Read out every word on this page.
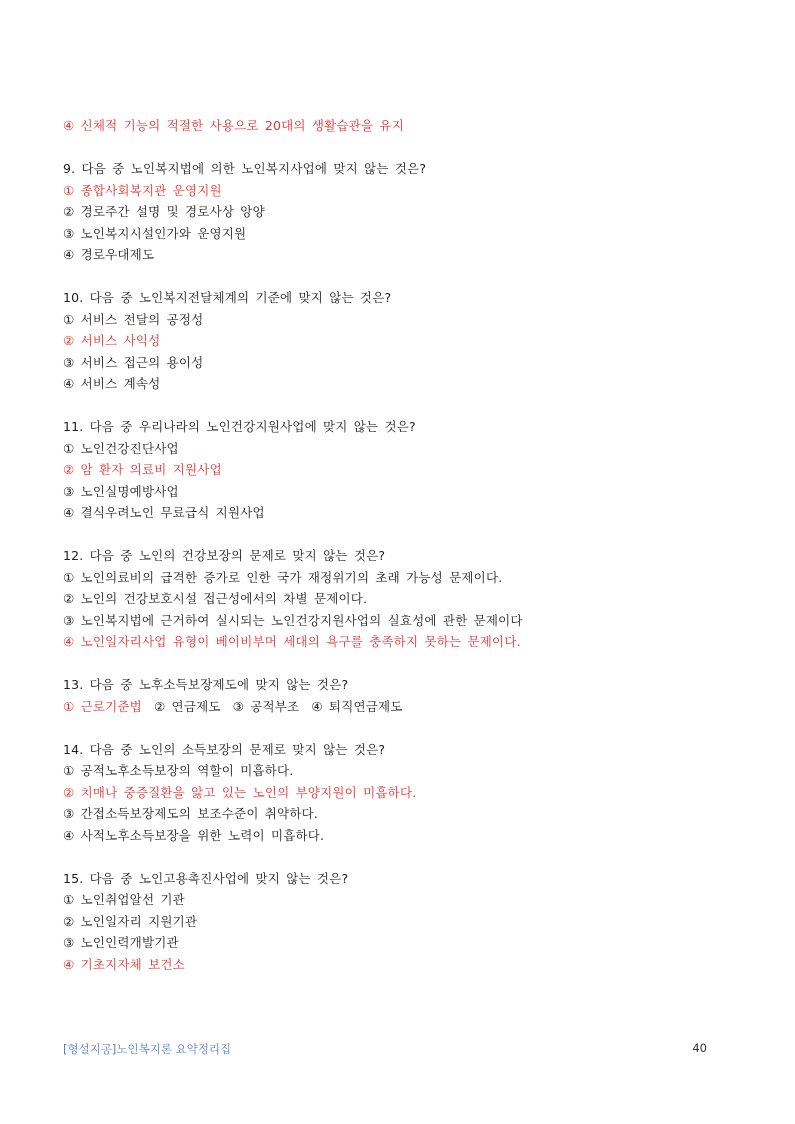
④ 신체적 기능의 적절한 사용으로 20대의 생활습관을 유지
9. 다음 중 노인복지법에 의한 노인복지사업에 맞지 않는 것은?
① 종합사회복지관 운영지원
② 경로주간 설명 및 경로사상 앙양
③ 노인복지시설인가와 운영지원
④ 경로우대제도
10. 다음 중 노인복지전달체계의 기준에 맞지 않는 것은?
① 서비스 전달의 공정성
② 서비스 사익성
③ 서비스 접근의 용이성
④ 서비스 계속성
11. 다음 중 우리나라의 노인건강지원사업에 맞지 않는 것은?
① 노인건강진단사업
② 암 환자 의료비 지원사업
③ 노인실명예방사업
④ 결식우려노인 무료급식 지원사업
12. 다음 중 노인의 건강보장의 문제로 맞지 않는 것은?
① 노인의료비의 급격한 증가로 인한 국가 재정위기의 초래 가능성 문제이다.
② 노인의 건강보호시설 접근성에서의 차별 문제이다.
③ 노인복지법에 근거하여 실시되는 노인건강지원사업의 실효성에 관한 문제이다
④ 노인일자리사업 유형이 베이비부머 세대의 욕구를 충족하지 못하는 문제이다.
13. 다음 중 노후소득보장제도에 맞지 않는 것은?
① 근로기준법 ② 연금제도 ③ 공적부조 ④ 퇴직연금제도
14. 다음 중 노인의 소득보장의 문제로 맞지 않는 것은?
① 공적노후소득보장의 역할이 미흡하다.
② 치매나 중증질환을 앓고 있는 노인의 부양지원이 미흡하다.
③ 간접소득보장제도의 보조수준이 취약하다.
④ 사적노후소득보장을 위한 노력이 미흡하다.
15. 다음 중 노인고용촉진사업에 맞지 않는 것은?
① 노인취업알선 기관
② 노인일자리 지원기관
③ 노인인력개발기관
④ 기초지자체 보건소
[형설지공]노인복지론 요약정리집	40
